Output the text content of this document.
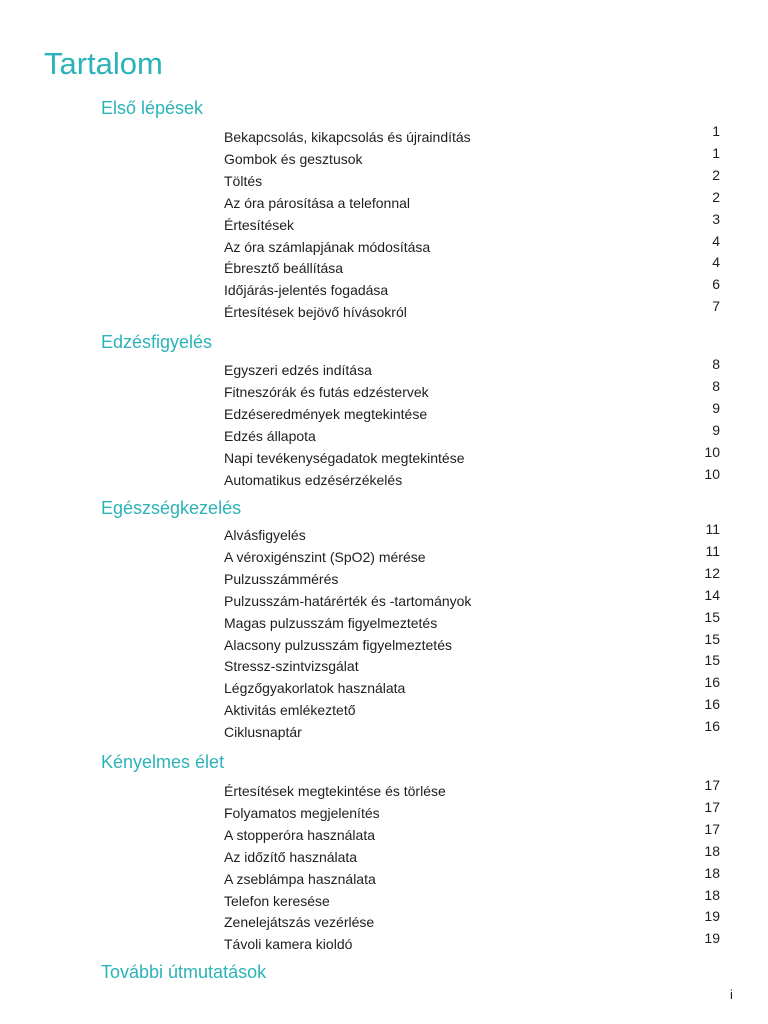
Tartalom
Első lépések
Bekapcsolás, kikapcsolás és újraindítás	1
Gombok és gesztusok	1
Töltés	2
Az óra párosítása a telefonnal	2
Értesítések	3
Az óra számlapjának módosítása	4
Ébresztő beállítása	4
Időjárás-jelentés fogadása	6
Értesítések bejövő hívásokról	7
Edzésfigyelés
Egyszeri edzés indítása	8
Fitneszórák és futás edzéstervek	8
Edzéseredmények megtekintése	9
Edzés állapota	9
Napi tevékenységadatok megtekintése	10
Automatikus edzésérzékelés	10
Egészségkezelés
Alvásfigyelés	11
A véroxigénszint (SpO2) mérése	11
Pulzusszámmérés	12
Pulzusszám-határérték és -tartományok	14
Magas pulzusszám figyelmeztetés	15
Alacsony pulzusszám figyelmeztetés	15
Stressz-szintvizsgálat	15
Légzőgyakorlatok használata	16
Aktivitás emlékeztető	16
Ciklusnaptár	16
Kényelmes élet
Értesítések megtekintése és törlése	17
Folyamatos megjelenítés	17
A stopperóra használata	17
Az időzítő használata	18
A zseblámpa használata	18
Telefon keresése	18
Zenelejátszás vezérlése	19
Távoli kamera kioldó	19
További útmutatások
i
